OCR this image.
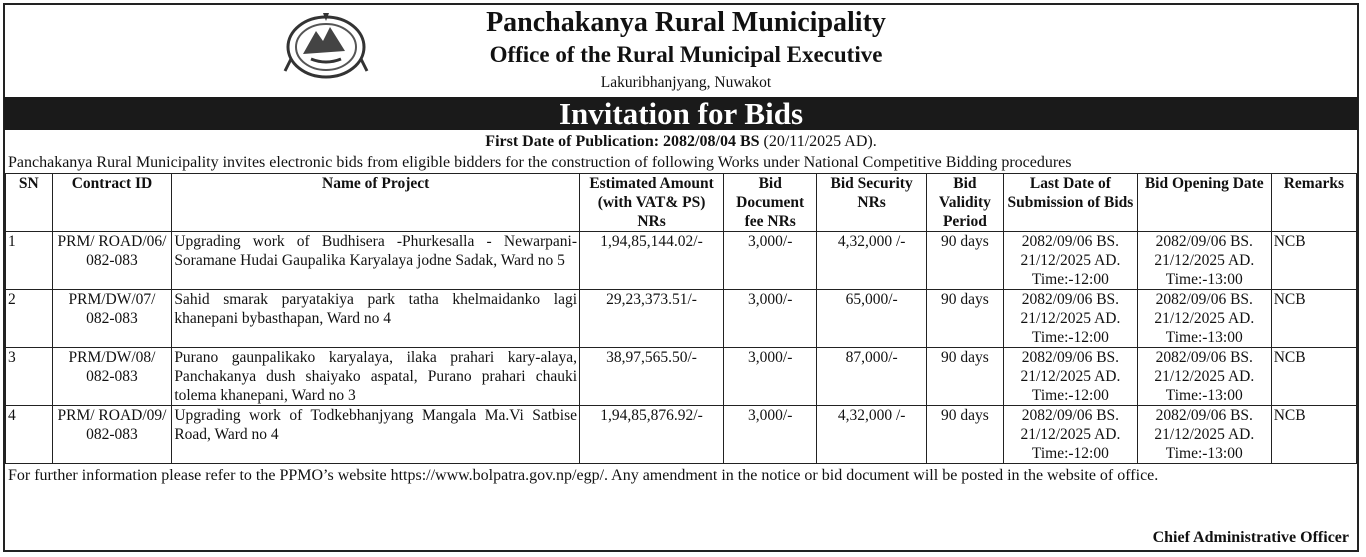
Panchakanya Rural Municipality
Office of the Rural Municipal Executive
Lakuribhanjyang, Nuwakot
Invitation for Bids
First Date of Publication: 2082/08/04 BS (20/11/2025 AD).
Panchakanya Rural Municipality invites electronic bids from eligible bidders for the construction of following Works under National Competitive Bidding procedures
SN	Contract ID	Name of Project	Estimated Amount (with VAT& PS) NRs	Bid Document fee NRs	Bid Security NRs	Bid Validity Period	Last Date of Submission of Bids	Bid Opening Date	Remarks
1	PRM/ ROAD/06/ 082-083	Upgrading work of Budhisera -Phurkesalla - Newarpani-Soramane Hudai Gaupalika Karyalaya jodne Sadak, Ward no 5	1,94,85,144.02/-	3,000/-	4,32,000 /-	90 days	2082/09/06 BS. 21/12/2025 AD. Time:-12:00	2082/09/06 BS. 21/12/2025 AD. Time:-13:00	NCB
2	PRM/DW/07/ 082-083	Sahid smarak paryatakiya park tatha khelmaidanko lagi khanepani bybasthapan, Ward no 4	29,23,373.51/-	3,000/-	65,000/-	90 days	2082/09/06 BS. 21/12/2025 AD. Time:-12:00	2082/09/06 BS. 21/12/2025 AD. Time:-13:00	NCB
3	PRM/DW/08/ 082-083	Purano gaunpalikako karyalaya, ilaka prahari kary-alaya, Panchakanya dush shaiyako aspatal, Purano prahari chauki tolema khanepani, Ward no 3	38,97,565.50/-	3,000/-	87,000/-	90 days	2082/09/06 BS. 21/12/2025 AD. Time:-12:00	2082/09/06 BS. 21/12/2025 AD. Time:-13:00	NCB
4	PRM/ ROAD/09/ 082-083	Upgrading work of Todkebhanjyang Mangala Ma.Vi Satbise Road, Ward no 4	1,94,85,876.92/-	3,000/-	4,32,000 /-	90 days	2082/09/06 BS. 21/12/2025 AD. Time:-12:00	2082/09/06 BS. 21/12/2025 AD. Time:-13:00	NCB
For further information please refer to the PPMO’s website https://www.bolpatra.gov.np/egp/. Any amendment in the notice or bid document will be posted in the website of office.
Chief Administrative Officer
